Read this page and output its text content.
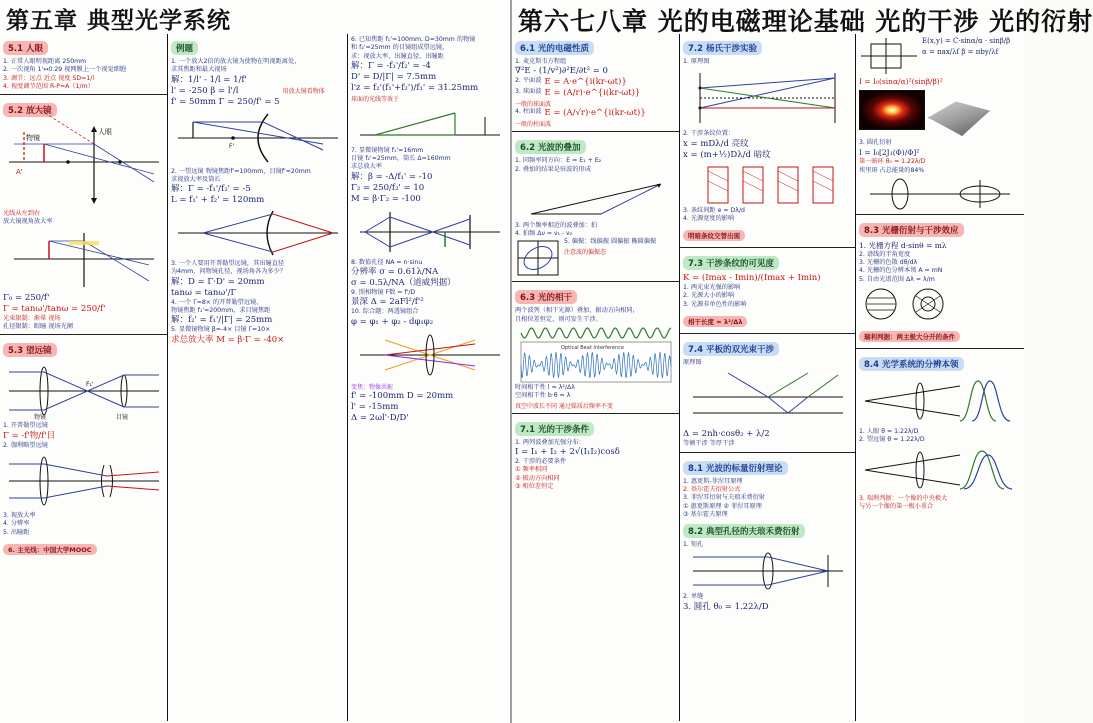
第五章 典型光学系统
5.1 人眼
1. 正常人眼明视距离 250mm
2. 一次视角 1'↔0.29 视网膜上一个视觉细胞
3. 调节：远点 近点 视度 SD=1/l
4. 视度调节范围 R-P=A（1/m）
5.2 放大镜
人眼
物镜
A'
光线从左到右
放大镜视角放大率
Γ₀ = 250/f'
Γ = tanω'/tanω = 250/f'
光束限制：渐晕 视场
孔径限制：眼瞳 视场光阑
5.3 望远镜
F₁'
物镜	目镜
1. 开普勒望远镜
Γ = -f'物/f'目
2. 伽利略望远镜
3. 视放大率
4. 分辨率
5. 出瞳距
6. 主光线：中国大学MOOC
例题
1. 一个放大2倍的放大镜为使物在明视距离处，
求其焦距和最大视场
解：1/l' - 1/l = 1/f'
l' = -250 β = l'/l
f' = 50mm Γ = 250/f' = 5
用放大镜看物体
F'
2. 一望远镜 物镜焦距f'=100mm，目镜f'=20mm
求视放大率及筒长
解：Γ = -f₁'/f₂' = -5
L = f₁' + f₂' = 120mm
3. 一个人要用开普勒望远镜，其出瞳直径
为4mm，问物镜孔径，视场角各为多少？
解：D = Γ·D' = 20mm
tanω = tanω'/Γ
4. 一个 Γ=8× 的开普勒望远镜，
物镜焦距 f₁'=200mm，求目镜焦距
解：f₂' = f₁'/|Γ| = 25mm
5. 显微镜物镜 β=-4× 目镜 Γ=10×
求总放大率 M = β·Γ = -40×
6. 已知焦距 f₁'=100mm, D=30mm 的物镜
和 f₂'=25mm 的目镜组成望远镜，
求：视放大率、出瞳直径、出瞳距
解：Γ = -f₁'/f₂' = -4
D' = D/|Γ| = 7.5mm
l'z = f₂'(f₁'+f₂')/f₁' = 31.25mm
球面的光线等效于
7. 显微镜物镜 f₁'=16mm
目镜 f₂'=25mm，筒长 Δ=160mm
求总放大率
解：β = -Δ/f₁' = -10
Γ₂ = 250/f₂' = 10
M = β·Γ₂ = -100
8. 数值孔径 NA = n·sinu
分辨率 σ = 0.61λ/NA
σ = 0.5λ/NA（道威判据）
9. 照相物镜 F数 = f'/D
景深 Δ = 2aFl²/f'²
10. 综合题：两透镜组合
φ = φ₁ + φ₂ - dφ₁φ₂
变焦：物像共轭
f' = -100mm D = 20mm
l' = -15mm
Δ = 2ωl'·D/D'
第六七八章 光的电磁理论基础 光的干涉 光的衍射
6.1 光的电磁性质
1. 麦克斯韦方程组
∇²E - (1/v²)∂²E/∂t² = 0
2. 平面波 E = A·e^{i(kr-ωt)}
3. 球面波 E = (A/r)·e^{i(kr-ωt)}
一般的球面波
4. 柱面波 E = (A/√r)·e^{i(kr-ωt)}
一般的柱面波
6.2 光波的叠加
1. 同频率同方向：E = E₁ + E₂
2. 叠加的结果是驻波的形成
3. 两个频率相近的波叠加：拍
4. 拍频 Δν = ν₁ - ν₂
5. 偏振：线偏振 圆偏振 椭圆偏振
注意波的偏振态
6.3 光的相干
两个波列（相干光源）叠加，振动方向相同，
且相位差恒定，则可发生干涉。
Optical Beat Interference
时间相干性 l = λ²/Δλ
空间相干性 b·θ = λ
真空中波长不同 通过媒质后频率不变
7.1 光的干涉条件
1. 两列波叠加光强分布：
I = I₁ + I₂ + 2√(I₁I₂)cosδ
2. 干涉的必要条件
① 频率相同
② 振动方向相同
③ 相位差恒定
7.2 杨氏干涉实验
1. 原理图
2. 干涉条纹位置：
x = mDλ/d 亮纹
x = (m+½)Dλ/d 暗纹
3. 条纹间距 e = Dλ/d
4. 光源宽度的影响
明暗条纹交替出现
7.3 干涉条纹的可见度
K = (Imax - Imin)/(Imax + Imin)
1. 两光束光强的影响
2. 光源大小的影响
3. 光源非单色性的影响
相干长度 ≈ λ²/Δλ
7.4 平板的双光束干涉
原理图
Δ = 2nh·cosθ₂ + λ/2
等倾干涉 等厚干涉
8.1 光波的标量衍射理论
1. 惠更斯-菲涅耳原理
2. 基尔霍夫衍射公式
3. 菲涅耳衍射与夫琅禾费衍射
① 惠更斯原理 ② 菲涅耳原理
③ 基尔霍夫原理
8.2 典型孔径的夫琅禾费衍射
1. 矩孔
2. 单缝
3. 圆孔 θ₀ = 1.22λ/D
E(x,y) = C·sinα/α · sinβ/β
α = πax/λf β = πby/λf
I = I₀(sinα/α)²(sinβ/β)²
3. 圆孔衍射
I = I₀[2J₁(Φ)/Φ]²
第一暗环 θ₀ = 1.22λ/D
埃里斑 占总能量的84%
8.3 光栅衍射与干涉效应
1. 光栅方程 d·sinθ = mλ
2. 谱线的半角宽度
3. 光栅的色散 dθ/dλ
4. 光栅的色分辨本领 A = mN
5. 自由光谱范围 Δλ = λ/m
瑞利判据：两主极大分开的条件
8.4 光学系统的分辨本领
1. 人眼 θ = 1.22λ/D
2. 望远镜 θ = 1.22λ/D
3. 瑞利判据：一个像的中央极大
与另一个像的第一极小重合
